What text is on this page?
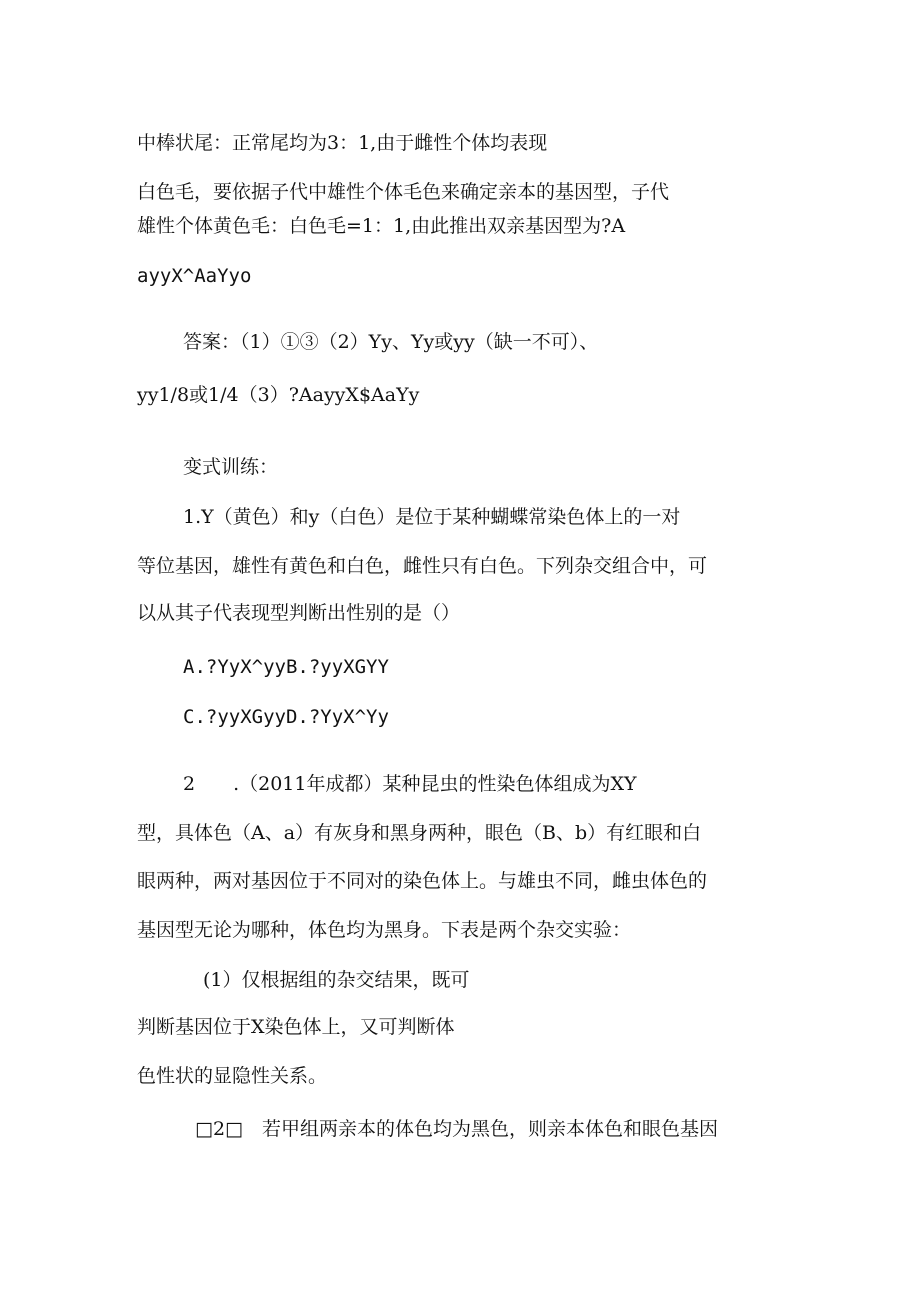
中棒状尾：正常尾均为3：1,由于雌性个体均表现
白色毛，要依据子代中雄性个体毛色来确定亲本的基因型，子代
雄性个体黄色毛：白色毛=1：1,由此推出双亲基因型为?A
ayyX^AaYyo
答案：（1）①③（2）Yy、Yy或yy（缺一不可）、
yy1/8或1/4（3）?AayyX$AaYy
变式训练：
1.Y（黄色）和y（白色）是位于某种蝴蝶常染色体上的一对
等位基因，雄性有黄色和白色，雌性只有白色。下列杂交组合中，可
以从其子代表现型判断出性别的是（）
A.?YyX^yyB.?yyXGYY
C.?yyXGyyD.?YyX^Yy
2　　.（2011年成都）某种昆虫的性染色体组成为XY
型，具体色（A、a）有灰身和黑身两种，眼色（B、b）有红眼和白
眼两种，两对基因位于不同对的染色体上。与雄虫不同，雌虫体色的
基因型无论为哪种，体色均为黑身。下表是两个杂交实验：
(1）仅根据组的杂交结果，既可
判断基因位于X染色体上，又可判断体
色性状的显隐性关系。
□2□　若甲组两亲本的体色均为黑色，则亲本体色和眼色基因
